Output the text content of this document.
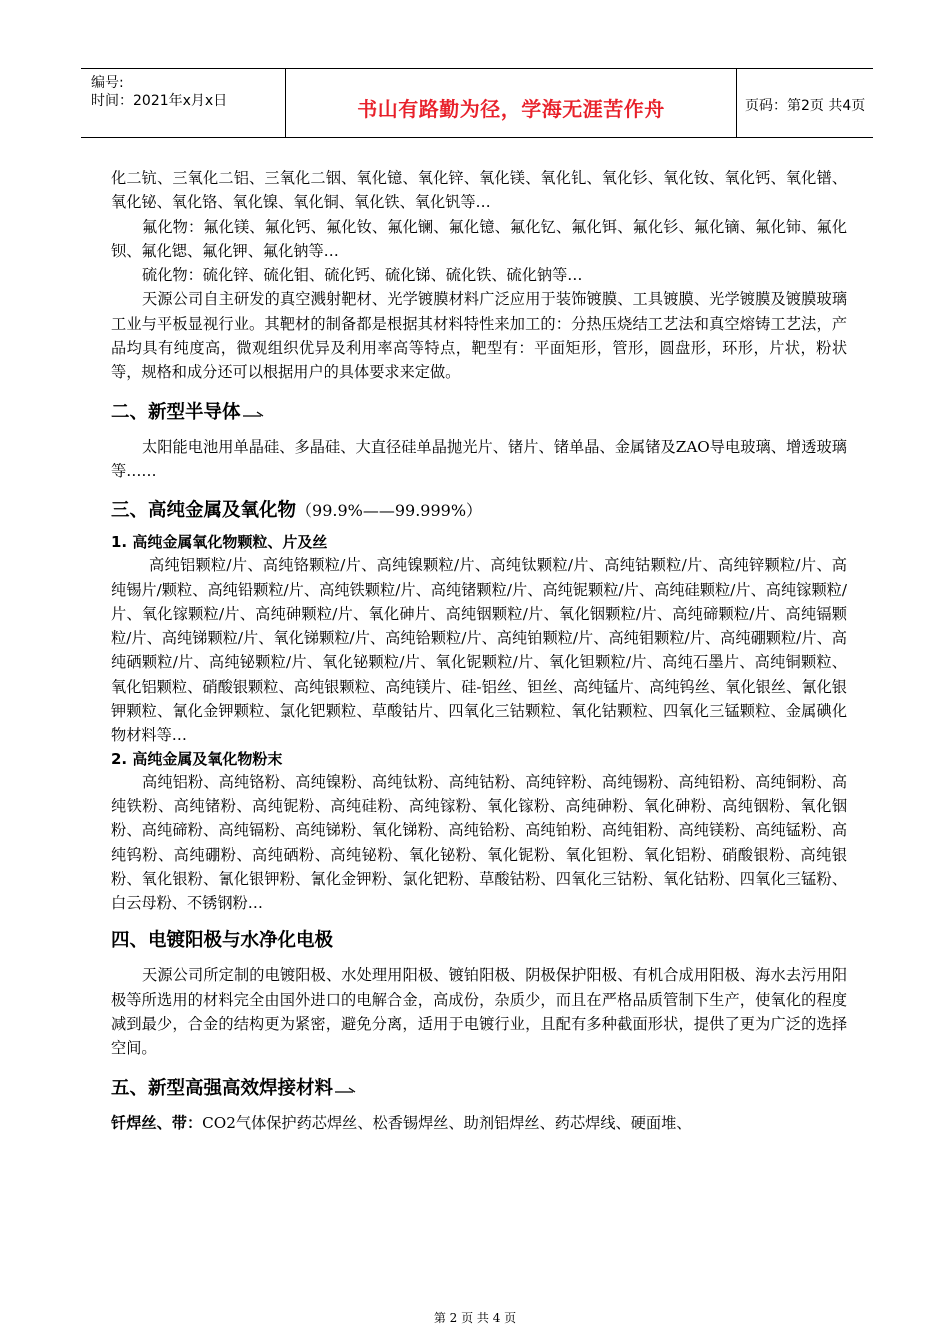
编号:
时间：2021年x月x日	书山有路勤为径，学海无涯苦作舟	页码：第2页 共4页

化二钪、三氧化二铝、三氧化二铟、氧化镱、氧化锌、氧化镁、氧化钆、氧化钐、氧化钕、氧化钙、氧化镨、氧化铋、氧化铬、氧化镍、氧化铜、氧化铁、氧化钒等…

氟化物：氟化镁、氟化钙、氟化钕、氟化镧、氟化镱、氟化钇、氟化铒、氟化钐、氟化镝、氟化铈、氟化钡、氟化锶、氟化钾、氟化钠等…

硫化物：硫化锌、硫化钼、硫化钙、硫化锑、硫化铁、硫化钠等…

天源公司自主研发的真空溅射靶材、光学镀膜材料广泛应用于装饰镀膜、工具镀膜、光学镀膜及镀膜玻璃工业与平板显视行业。其靶材的制备都是根据其材料特性来加工的：分热压烧结工艺法和真空熔铸工艺法，产品均具有纯度高，微观组织优异及利用率高等特点，靶型有：平面矩形，管形，圆盘形，环形，片状，粉状等，规格和成分还可以根据用户的具体要求来定做。

二、新型半导体

太阳能电池用单晶硅、多晶硅、大直径硅单晶抛光片、锗片、锗单晶、金属锗及ZAO导电玻璃、增透玻璃等……

三、高纯金属及氧化物（99.9%——99.999%）

1. 高纯金属氧化物颗粒、片及丝

高纯铝颗粒/片、高纯铬颗粒/片、高纯镍颗粒/片、高纯钛颗粒/片、高纯钴颗粒/片、高纯锌颗粒/片、高纯锡片/颗粒、高纯铅颗粒/片、高纯铁颗粒/片、高纯锗颗粒/片、高纯铌颗粒/片、高纯硅颗粒/片、高纯镓颗粒/片、氧化镓颗粒/片、高纯砷颗粒/片、氧化砷片、高纯铟颗粒/片、氧化铟颗粒/片、高纯碲颗粒/片、高纯镉颗粒/片、高纯锑颗粒/片、氧化锑颗粒/片、高纯铪颗粒/片、高纯铂颗粒/片、高纯钼颗粒/片、高纯硼颗粒/片、高纯硒颗粒/片、高纯铋颗粒/片、氧化铋颗粒/片、氧化铌颗粒/片、氧化钽颗粒/片、高纯石墨片、高纯铜颗粒、氧化铝颗粒、硝酸银颗粒、高纯银颗粒、高纯镁片、硅-铝丝、钽丝、高纯锰片、高纯钨丝、氧化银丝、氰化银钾颗粒、氰化金钾颗粒、氯化钯颗粒、草酸钴片、四氧化三钴颗粒、氧化钴颗粒、四氧化三锰颗粒、金属碘化物材料等…

2. 高纯金属及氧化物粉末

高纯铝粉、高纯铬粉、高纯镍粉、高纯钛粉、高纯钴粉、高纯锌粉、高纯锡粉、高纯铅粉、高纯铜粉、高纯铁粉、高纯锗粉、高纯铌粉、高纯硅粉、高纯镓粉、氧化镓粉、高纯砷粉、氧化砷粉、高纯铟粉、氧化铟粉、高纯碲粉、高纯镉粉、高纯锑粉、氧化锑粉、高纯铪粉、高纯铂粉、高纯钼粉、高纯镁粉、高纯锰粉、高纯钨粉、高纯硼粉、高纯硒粉、高纯铋粉、氧化铋粉、氧化铌粉、氧化钽粉、氧化铝粉、硝酸银粉、高纯银粉、氧化银粉、氰化银钾粉、氰化金钾粉、氯化钯粉、草酸钴粉、四氧化三钴粉、氧化钴粉、四氧化三锰粉、白云母粉、不锈钢粉…

四、电镀阳极与水净化电极

天源公司所定制的电镀阳极、水处理用阳极、镀铂阳极、阴极保护阳极、有机合成用阳极、海水去污用阳极等所选用的材料完全由国外进口的电解合金，高成份，杂质少，而且在严格品质管制下生产，使氧化的程度减到最少，合金的结构更为紧密，避免分离，适用于电镀行业，且配有多种截面形状，提供了更为广泛的选择空间。

五、新型高强高效焊接材料

钎焊丝、带：CO2气体保护药芯焊丝、松香锡焊丝、助剂铝焊丝、药芯焊线、硬面堆、

第 2 页 共 4 页
